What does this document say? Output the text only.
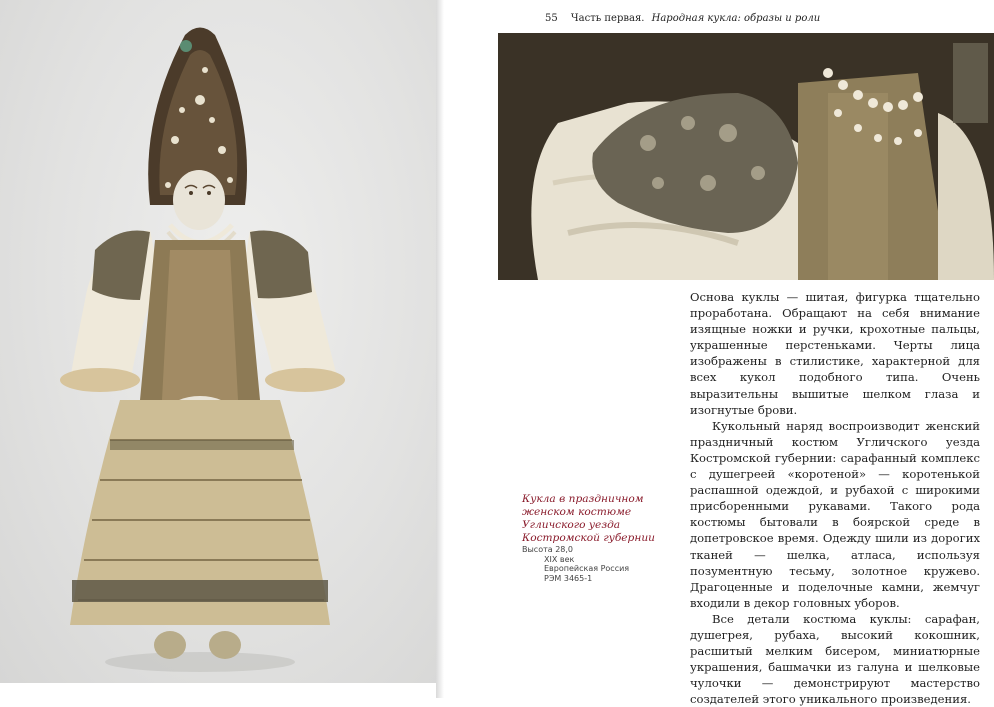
55 Часть первая. Народная кукла: образы и роли

Кукла в праздничном женском костюме Угличского уезда Костромской губернии

Высота 28,0
XIX век
Европейская Россия
РЭМ 3465-1

Основа куклы — шитая, фигурка тщательно проработана. Обращают на себя внимание изящные ножки и ручки, крохотные пальцы, украшенные перстеньками. Черты лица изображены в стилистике, характерной для всех кукол подобного типа. Очень выразительны вышитые шелком глаза и изогнутые брови.

Кукольный наряд воспроизводит женский праздничный костюм Угличского уезда Костромской губернии: сарафанный комплекс с душегреей «коротеной» — коротенькой распашной одеждой, и рубахой с широкими присборенными рукавами. Такого рода костюмы бытовали в боярской среде в допетровское время. Одежду шили из дорогих тканей — шелка, атласа, используя позументную тесьму, золотное кружево. Драгоценные и поделочные камни, жемчуг входили в декор головных уборов.

Все детали костюма куклы: сарафан, душегрея, рубаха, высокий кокошник, расшитый мелким бисером, миниатюрные украшения, башмачки из галуна и шелковые чулочки — демонстрируют мастерство создателей этого уникального произведения.
